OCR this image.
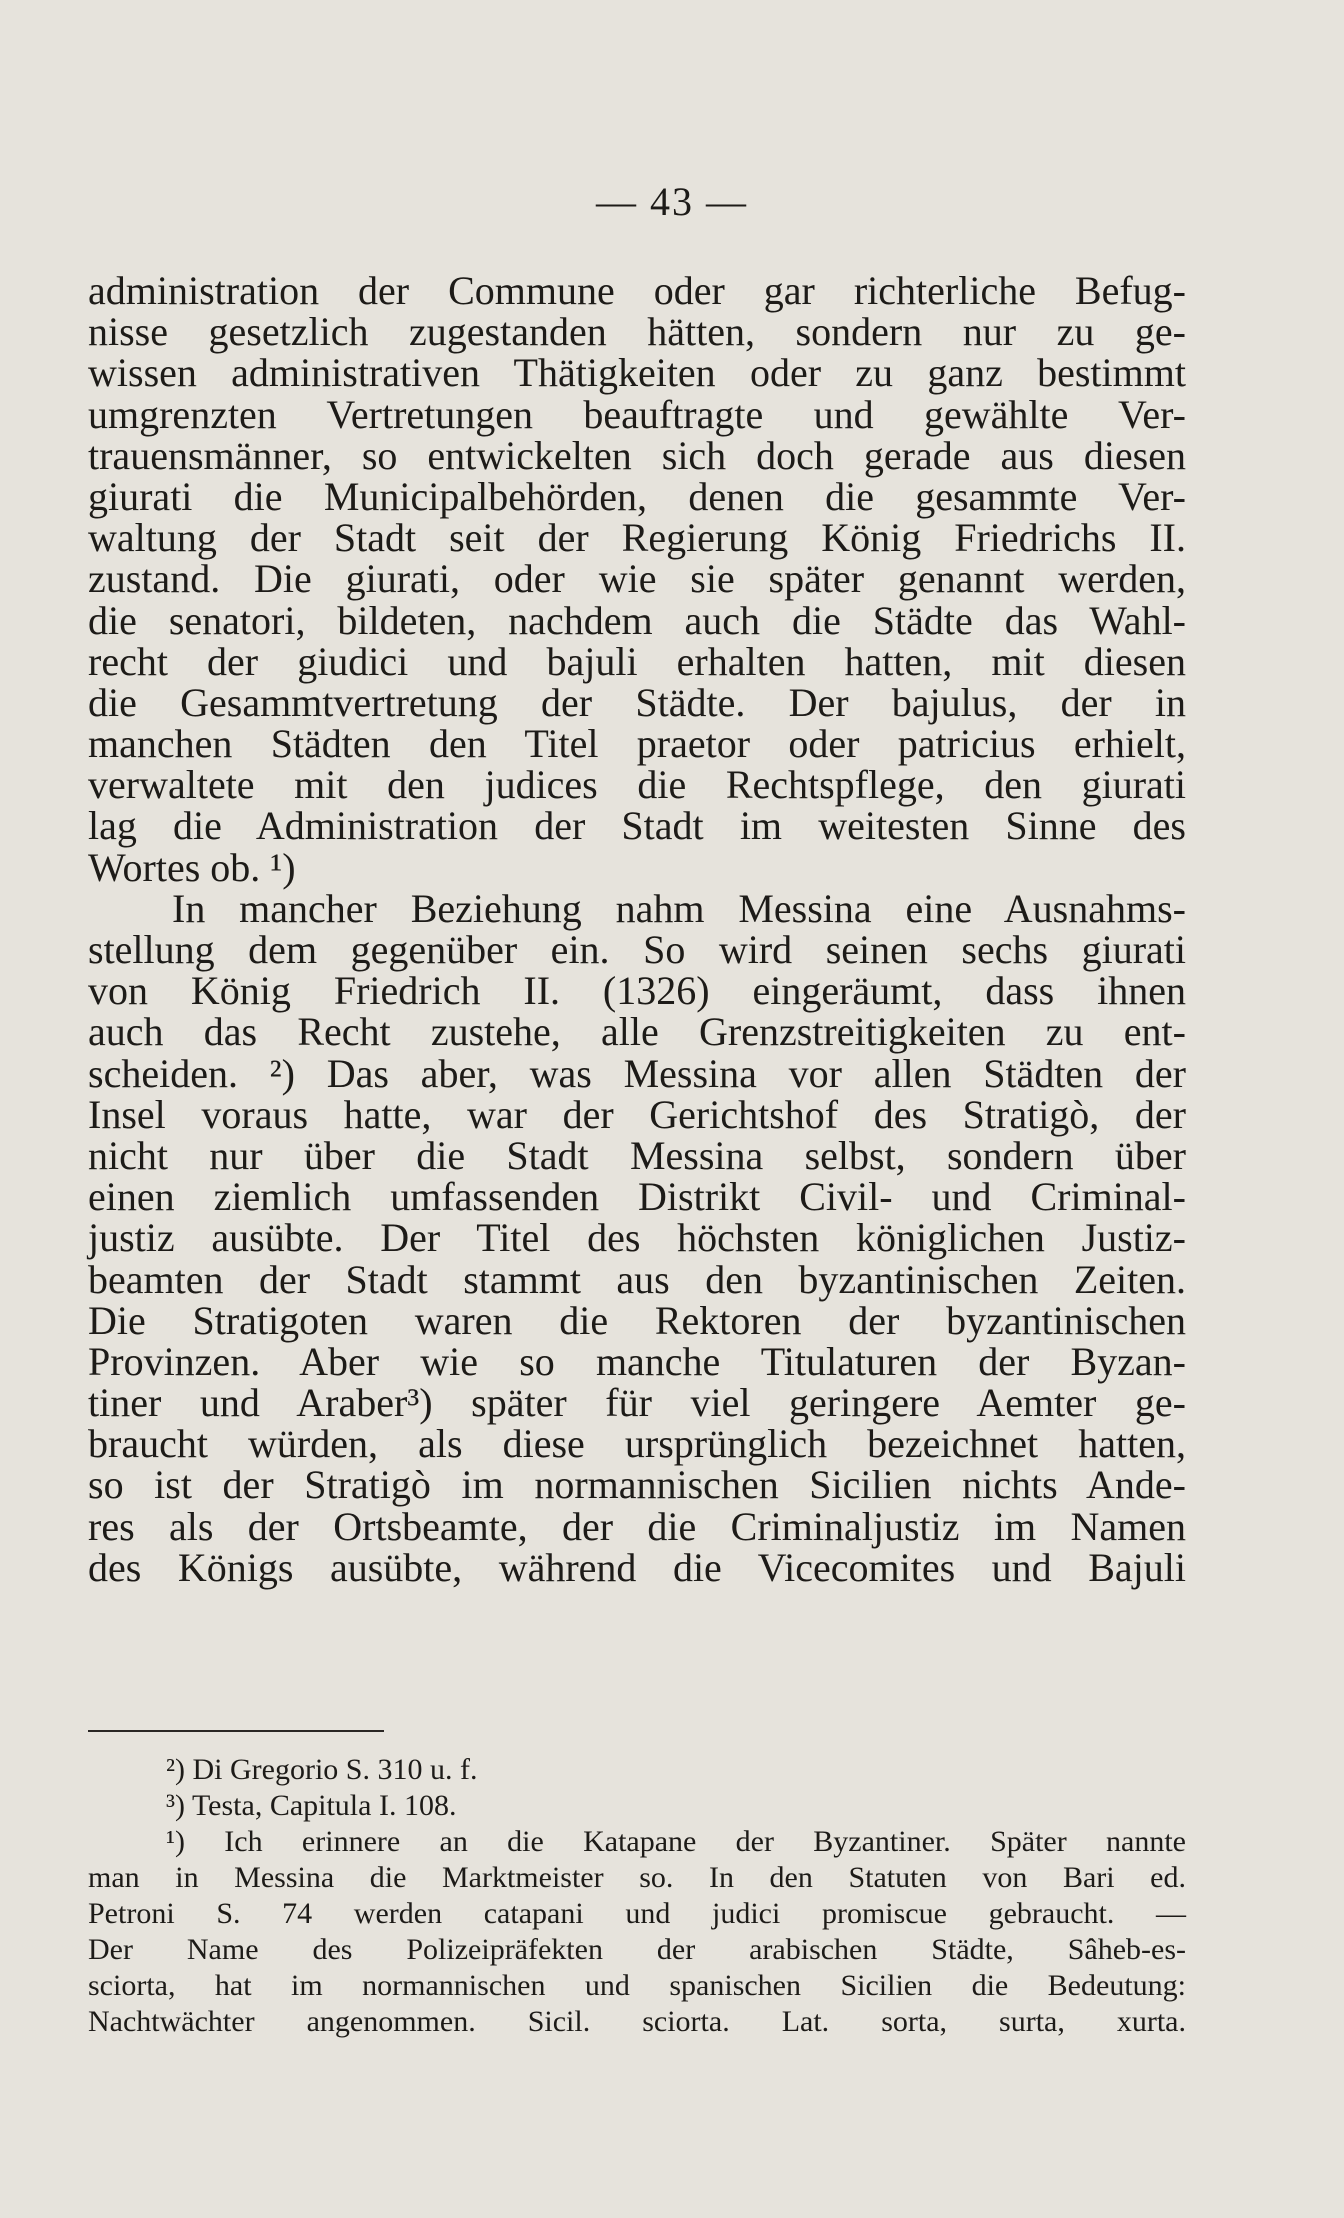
— 43 —
administration der Commune oder gar richterliche Befug-
nisse gesetzlich zugestanden hätten, sondern nur zu ge-
wissen administrativen Thätigkeiten oder zu ganz bestimmt
umgrenzten Vertretungen beauftragte und gewählte Ver-
trauensmänner, so entwickelten sich doch gerade aus diesen
giurati die Municipalbehörden, denen die gesammte Ver-
waltung der Stadt seit der Regierung König Friedrichs II.
zustand. Die giurati, oder wie sie später genannt werden,
die senatori, bildeten, nachdem auch die Städte das Wahl-
recht der giudici und bajuli erhalten hatten, mit diesen
die Gesammtvertretung der Städte. Der bajulus, der in
manchen Städten den Titel praetor oder patricius erhielt,
verwaltete mit den judices die Rechtspflege, den giurati
lag die Administration der Stadt im weitesten Sinne des
Wortes ob. ¹)
In mancher Beziehung nahm Messina eine Ausnahms-
stellung dem gegenüber ein. So wird seinen sechs giurati
von König Friedrich II. (1326) eingeräumt, dass ihnen
auch das Recht zustehe, alle Grenzstreitigkeiten zu ent-
scheiden. ²) Das aber, was Messina vor allen Städten der
Insel voraus hatte, war der Gerichtshof des Stratigò, der
nicht nur über die Stadt Messina selbst, sondern über
einen ziemlich umfassenden Distrikt Civil- und Criminal-
justiz ausübte. Der Titel des höchsten königlichen Justiz-
beamten der Stadt stammt aus den byzantinischen Zeiten.
Die Stratigoten waren die Rektoren der byzantinischen
Provinzen. Aber wie so manche Titulaturen der Byzan-
tiner und Araber³) später für viel geringere Aemter ge-
braucht würden, als diese ursprünglich bezeichnet hatten,
so ist der Stratigò im normannischen Sicilien nichts Ande-
res als der Ortsbeamte, der die Criminaljustiz im Namen
des Königs ausübte, während die Vicecomites und Bajuli
²) Di Gregorio S. 310 u. f.
³) Testa, Capitula I. 108.
¹) Ich erinnere an die Katapane der Byzantiner. Später nannte
man in Messina die Marktmeister so. In den Statuten von Bari ed.
Petroni S. 74 werden catapani und judici promiscue gebraucht. —
Der Name des Polizeipräfekten der arabischen Städte, Sâheb-es-
sciorta, hat im normannischen und spanischen Sicilien die Bedeutung:
Nachtwächter angenommen. Sicil. sciorta. Lat. sorta, surta, xurta.
